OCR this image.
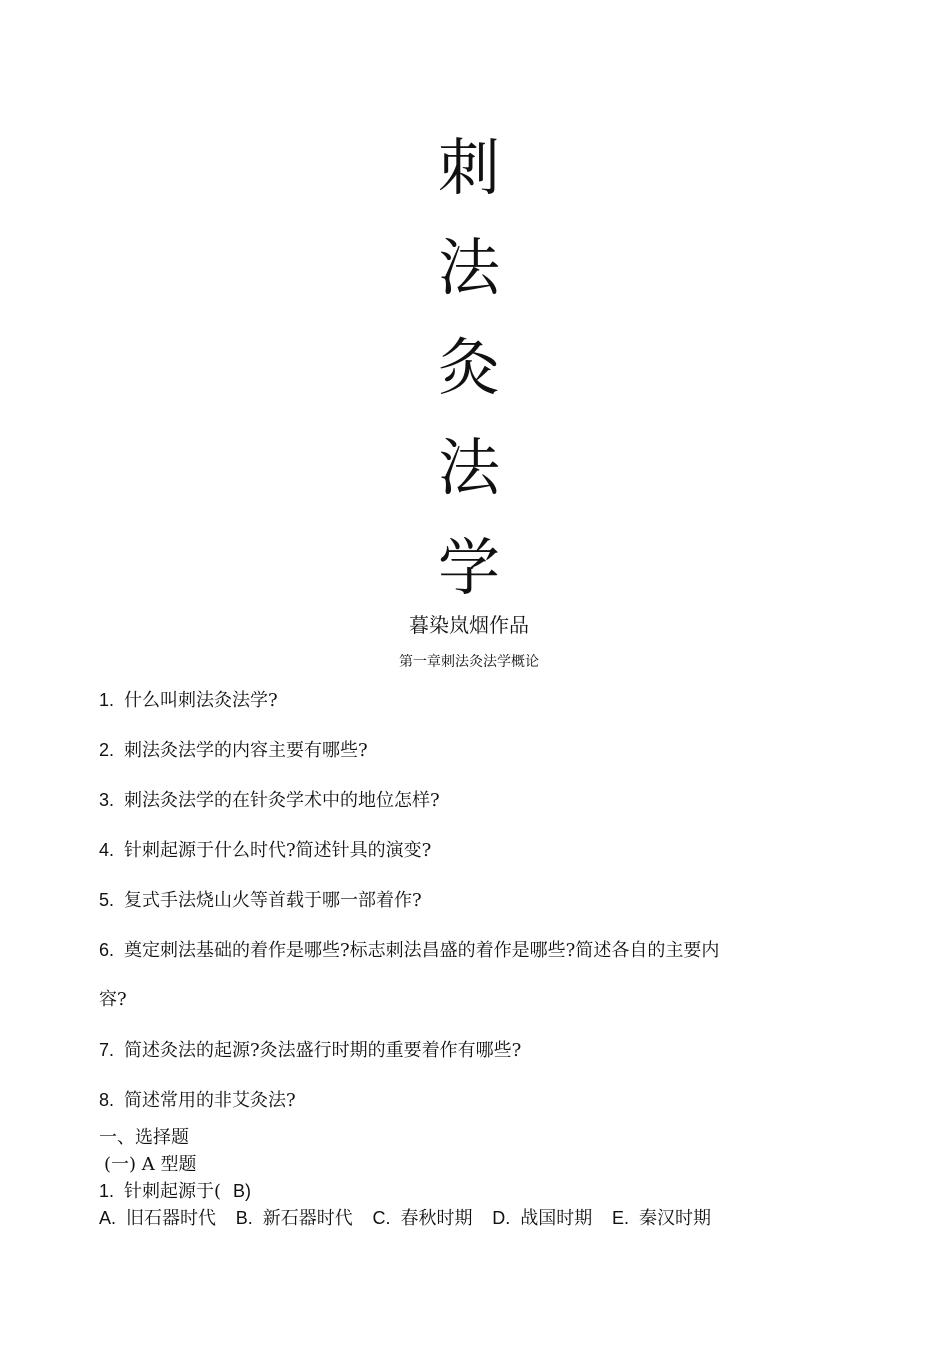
刺
法
灸
法
学
暮染岚烟作品
第一章刺法灸法学概论
1. 什么叫刺法灸法学?
2. 刺法灸法学的内容主要有哪些?
3. 刺法灸法学的在针灸学术中的地位怎样?
4. 针刺起源于什么时代?简述针具的演变?
5. 复式手法烧山火等首载于哪一部着作?
6. 奠定刺法基础的着作是哪些?标志刺法昌盛的着作是哪些?简述各自的主要内
容?
7. 简述灸法的起源?灸法盛行时期的重要着作有哪些?
8. 简述常用的非艾灸法?
一、选择题
(一) A 型题
1. 针刺起源于( B)
A. 旧石器时代 B. 新石器时代 C. 春秋时期 D. 战国时期 E. 秦汉时期
